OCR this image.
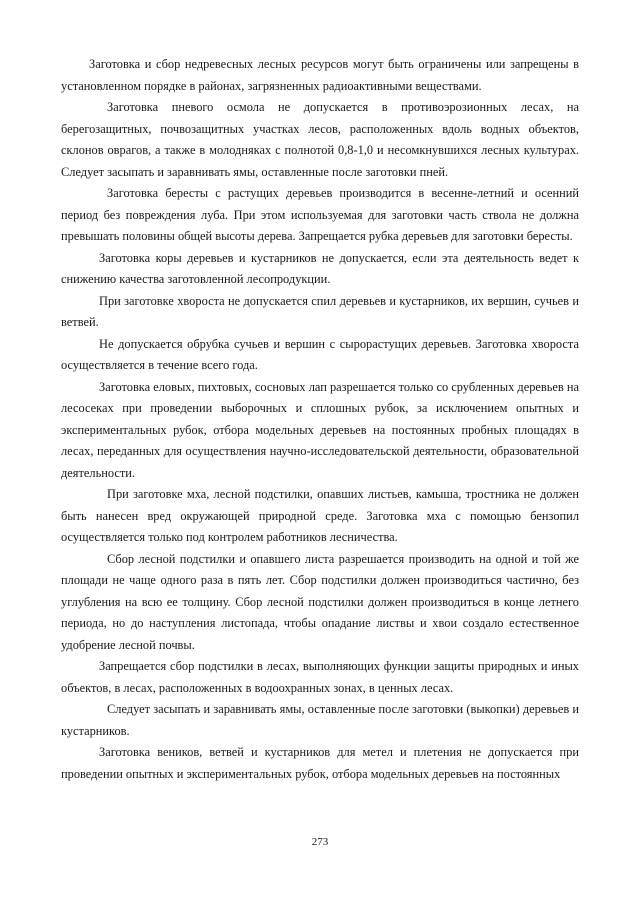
Заготовка и сбор недревесных лесных ресурсов могут быть ограничены или запрещены в установленном порядке в районах, загрязненных радиоактивными веществами.

Заготовка пневого осмола не допускается в противоэрозионных лесах, на берегозащитных, почвозащитных участках лесов, расположенных вдоль водных объектов, склонов оврагов, а также в молодняках с полнотой 0,8-1,0 и несомкнувшихся лесных культурах. Следует засыпать и заравнивать ямы, оставленные после заготовки пней.

Заготовка бересты с растущих деревьев производится в весенне-летний и осенний период без повреждения луба. При этом используемая для заготовки часть ствола не должна превышать половины общей высоты дерева. Запрещается рубка деревьев для заготовки бересты.

Заготовка коры деревьев и кустарников не допускается, если эта деятельность ведет к снижению качества заготовленной лесопродукции.

При заготовке хвороста не допускается спил деревьев и кустарников, их вершин, сучьев и ветвей.

Не допускается обрубка сучьев и вершин с сырорастущих деревьев. Заготовка хвороста осуществляется в течение всего года.

Заготовка еловых, пихтовых, сосновых лап разрешается только со срубленных деревьев на лесосеках при проведении выборочных и сплошных рубок, за исключением опытных и экспериментальных рубок, отбора модельных деревьев на постоянных пробных площадях в лесах, переданных для осуществления научно-исследовательской деятельности, образовательной деятельности.

При заготовке мха, лесной подстилки, опавших листьев, камыша, тростника не должен быть нанесен вред окружающей природной среде. Заготовка мха с помощью бензопил осуществляется только под контролем работников лесничества.

Сбор лесной подстилки и опавшего листа разрешается производить на одной и той же площади не чаще одного раза в пять лет. Сбор подстилки должен производиться частично, без углубления на всю ее толщину. Сбор лесной подстилки должен производиться в конце летнего периода, но до наступления листопада, чтобы опадание листвы и хвои создало естественное удобрение лесной почвы.

Запрещается сбор подстилки в лесах, выполняющих функции защиты природных и иных объектов, в лесах, расположенных в водоохранных зонах, в ценных лесах.

Следует засыпать и заравнивать ямы, оставленные после заготовки (выкопки) деревьев и кустарников.

Заготовка веников, ветвей и кустарников для метел и плетения не допускается при проведении опытных и экспериментальных рубок, отбора модельных деревьев на постоянных

273
